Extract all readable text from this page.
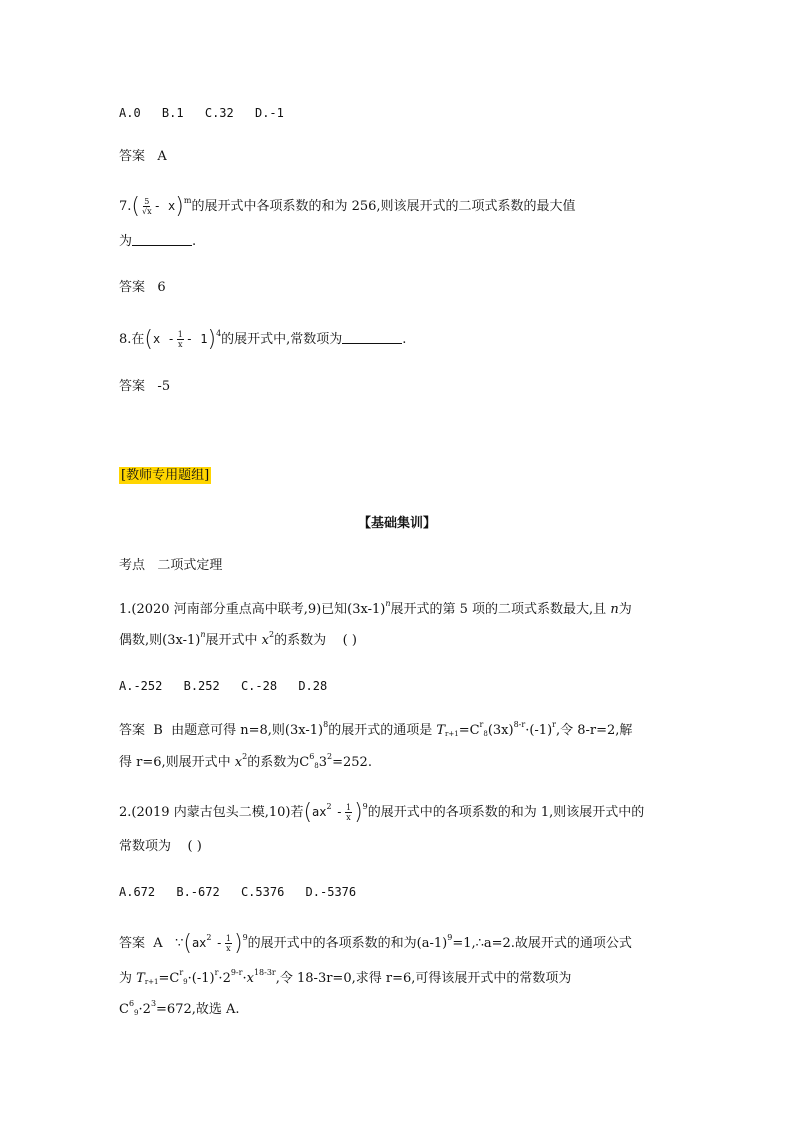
A.0 B.1 C.32 D.-1
答案 A
$7.( \frac{5}{√x} - x)^m$的展开式中各项系数的和为 256,则该展开式的二项式系数的最大值
为	.
答案 6
8.在$(x - \frac{1}{x} - 1)^4$的展开式中,常数项为	.
答案 -5
[教师专用题组]
【基础集训】
考点 二项式定理
1.(2020 河南部分重点高中联考,9)已知$(3x-1)^n$展开式的第 5 项的二项式系数最大,且 n为
偶数,则$(3x-1)^n$展开式中 $x^2$的系数为 ( )
A.-252 B.252 C.-28 D.28
答案 B 由题意可得 n=8,则$(3x-1)^8$的展开式的通项是 $T_{r+1}=C^r_8(3x)^{8-r}\cdot(-1)^r$,令 8-r=2,解
得 r=6,则展开式中 $x^2$的系数为$C^6_83^2=252$.
2.(2019 内蒙古包头二模,10)若$(ax^2 - \frac{1}{x} )^9$的展开式中的各项系数的和为 1,则该展开式中的
常数项为 ( )
A.672 B.-672 C.5376 D.-5376
答案 A $\because(ax^2 - \frac{1}{x} )^9$的展开式中的各项系数的和为$(a-1)^9=1,\therefore a=2$.故展开式的通项公式
为 $T_{r+1}=C^r_9\cdot(-1)^r\cdot 2^{9-r}\cdot x^{18-3r}$,令 18-3r=0,求得 r=6,可得该展开式中的常数项为
$C^6_9\cdot 2^3=672$,故选 A.
